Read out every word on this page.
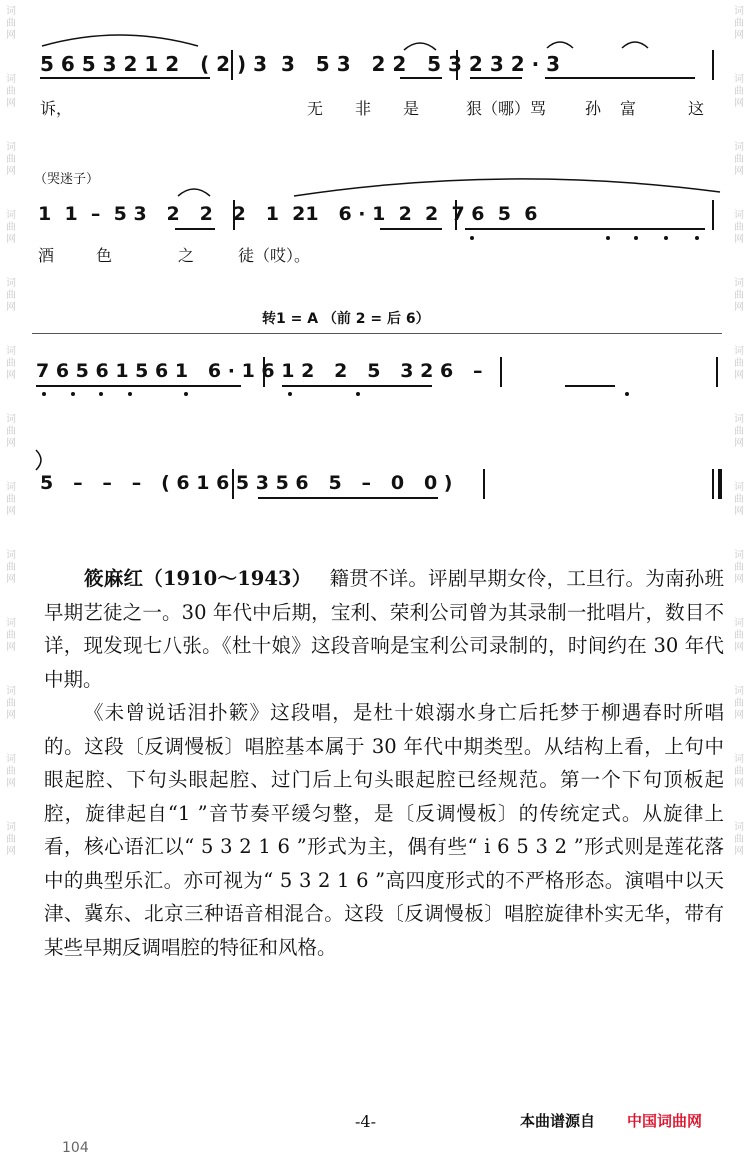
词
曲
网
词
曲
网
词
曲
网
词
曲
网
词
曲
网
词
曲
网
词
曲
网
词
曲
网
词
曲
网
词
曲
网
词
曲
网
词
曲
网
词
曲
网
词
曲
网
词
曲
网
词
曲
网
词
曲
网
词
曲
网
词
曲
网
词
曲
网
词
曲
网
词
曲
网
词
曲
网
词
曲
网
词
曲
网
词
曲
网
5 6 5 3 2 1 2   ( 2 ) 3  3   5 3   2 2   5 3 2 3 2 · 3
诉，	无 非 是	狠（哪）骂 孙 富	这
（哭迷子）
1  1  –  5 3   2   2   2   1  21   6 · 1  2  2  7 6  5  6
酒	色	之	徒（哎）。
转1 = A （前 2 = 后 6）
7 6 5 6 1 5 6 1   6 · 1 6 1 2   2   5   3 2 6   –
5   –   –   –   ( 6 1 6 5 3 5 6   5   –   0   0 )

筱麻红（1910～1943） 籍贯不详。评剧早期女伶，工旦行。为南孙班早期艺徒之一。30 年代中后期，宝利、荣利公司曾为其录制一批唱片，数目不详，现发现七八张。《杜十娘》这段音响是宝利公司录制的，时间约在 30 年代中期。

《未曾说话泪扑簌》这段唱，是杜十娘溺水身亡后托梦于柳遇春时所唱的。这段〔反调慢板〕唱腔基本属于 30 年代中期类型。从结构上看，上句中眼起腔、下句头眼起腔、过门后上句头眼起腔已经规范。第一个下句顶板起腔，旋律起自“1 ”音节奏平缓匀整，是〔反调慢板〕的传统定式。从旋律上看，核心语汇以“ 5 3 2 1 6 ”形式为主，偶有些“ i 6 5 3 2 ”形式则是莲花落中的典型乐汇。亦可视为“ 5 3 2 1 6 ”高四度形式的不严格形态。演唱中以天津、冀东、北京三种语音相混合。这段〔反调慢板〕唱腔旋律朴实无华，带有某些早期反调唱腔的特征和风格。

104
-4-	本曲谱源自 中国词曲网
